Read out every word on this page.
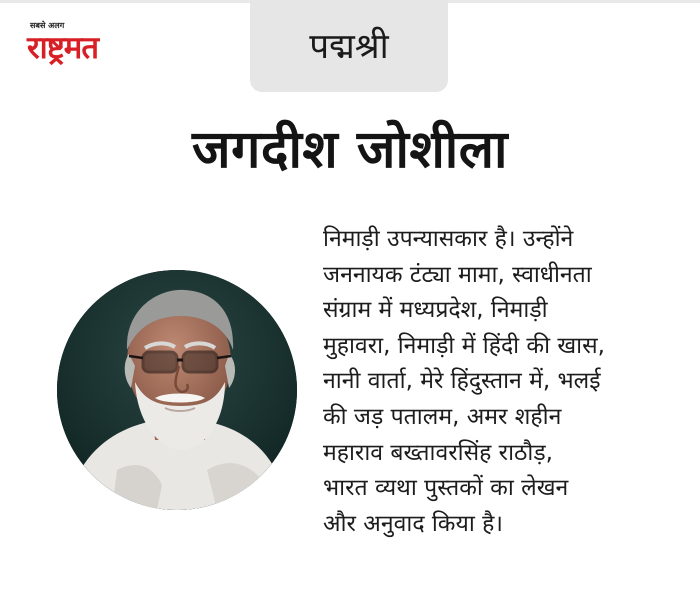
सबसे अलग
राष्ट्रमत	पद्मश्री
जगदीश जोशीला
निमाड़ी उपन्यासकार है। उन्होंने
जननायक टंट्या मामा, स्वाधीनता
संग्राम में मध्यप्रदेश, निमाड़ी
मुहावरा, निमाड़ी में हिंदी की खास,
नानी वार्ता, मेरे हिंदुस्तान में, भलई
की जड़ पतालम, अमर शहीन
महाराव बख्तावरसिंह राठौड़,
भारत व्यथा पुस्तकों का लेखन
और अनुवाद किया है।
